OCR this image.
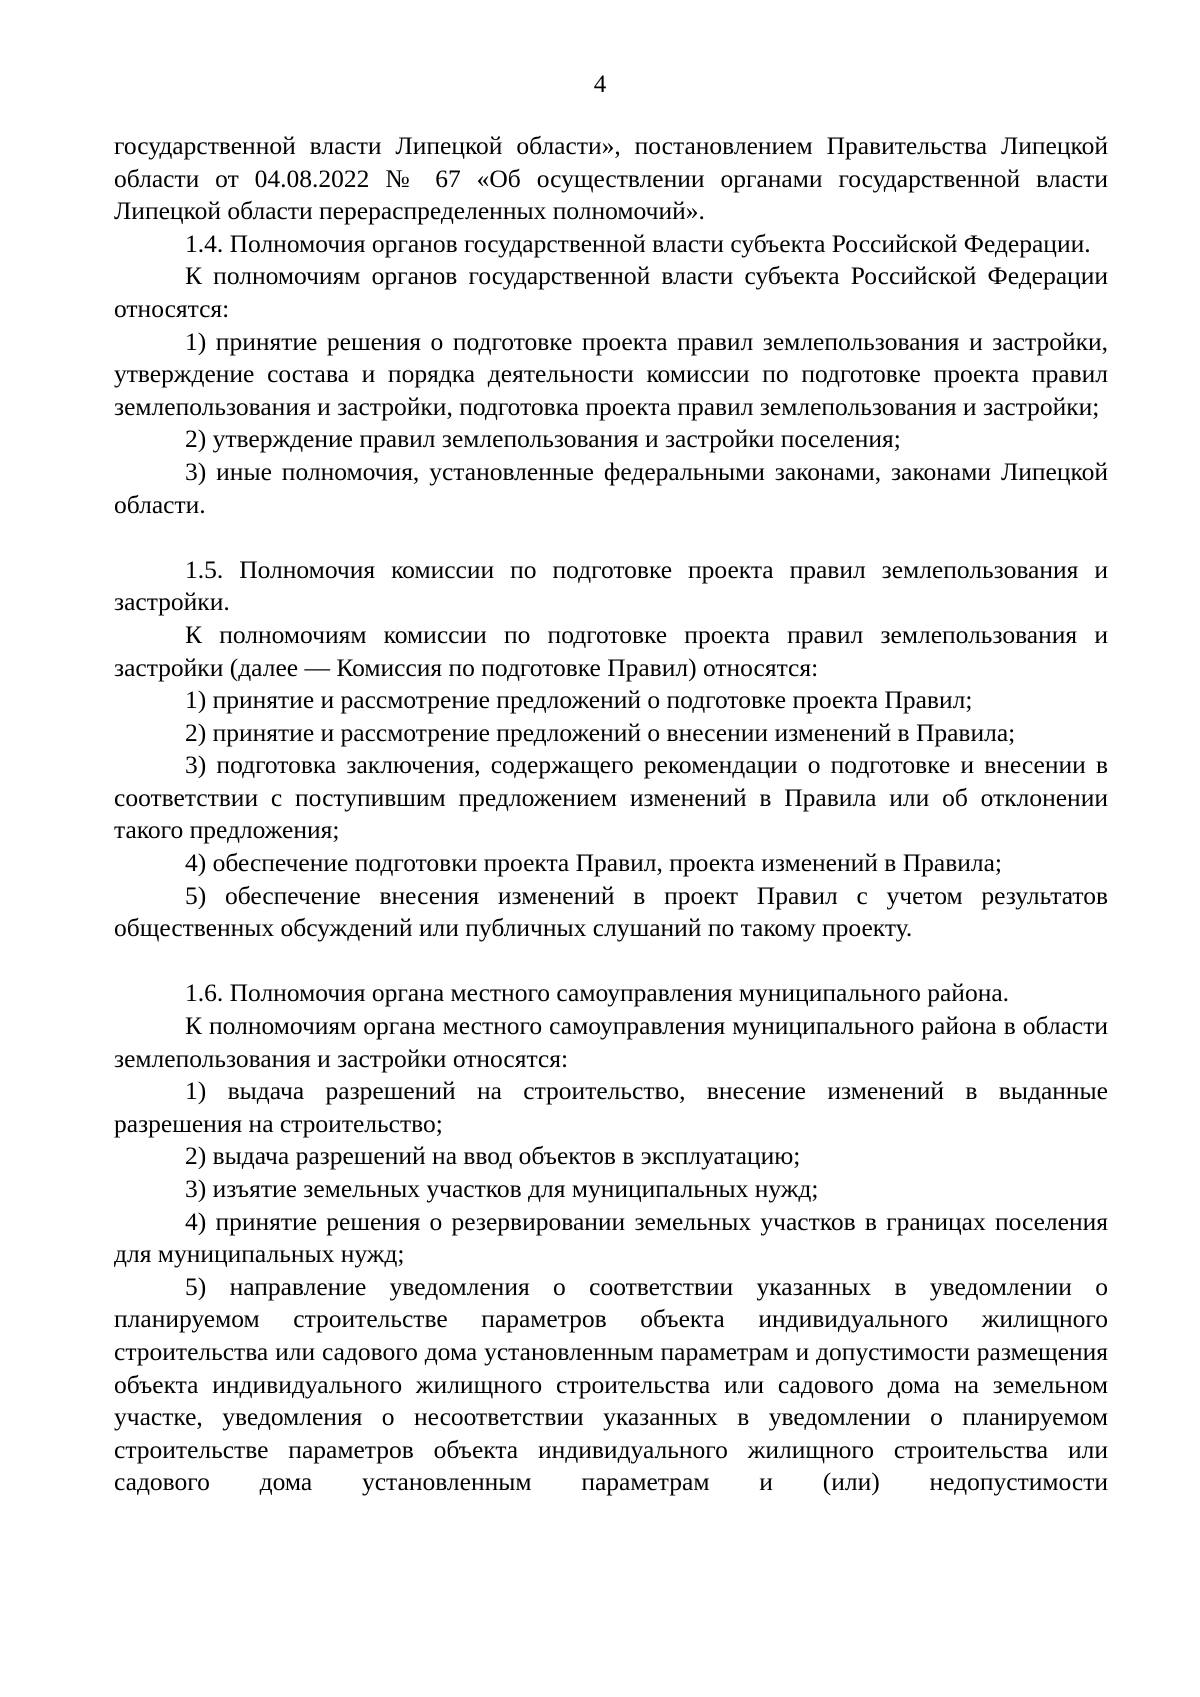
4

государственной власти Липецкой области», постановлением Правительства Липецкой области от 04.08.2022 № 67 «Об осуществлении органами государственной власти Липецкой области перераспределенных полномочий».

1.4. Полномочия органов государственной власти субъекта Российской Федерации.

К полномочиям органов государственной власти субъекта Российской Федерации относятся:

1) принятие решения о подготовке проекта правил землепользования и застройки, утверждение состава и порядка деятельности комиссии по подготовке проекта правил землепользования и застройки, подготовка проекта правил землепользования и застройки;

2) утверждение правил землепользования и застройки поселения;

3) иные полномочия, установленные федеральными законами, законами Липецкой области.

1.5. Полномочия комиссии по подготовке проекта правил землепользования и застройки.

К полномочиям комиссии по подготовке проекта правил землепользования и застройки (далее — Комиссия по подготовке Правил) относятся:

1) принятие и рассмотрение предложений о подготовке проекта Правил;

2) принятие и рассмотрение предложений о внесении изменений в Правила;

3) подготовка заключения, содержащего рекомендации о подготовке и внесении в соответствии с поступившим предложением изменений в Правила или об отклонении такого предложения;

4) обеспечение подготовки проекта Правил, проекта изменений в Правила;

5) обеспечение внесения изменений в проект Правил с учетом результатов общественных обсуждений или публичных слушаний по такому проекту.

1.6. Полномочия органа местного самоуправления муниципального района.

К полномочиям органа местного самоуправления муниципального района в области землепользования и застройки относятся:

1) выдача разрешений на строительство, внесение изменений в выданные разрешения на строительство;

2) выдача разрешений на ввод объектов в эксплуатацию;

3) изъятие земельных участков для муниципальных нужд;

4) принятие решения о резервировании земельных участков в границах поселения для муниципальных нужд;

5) направление уведомления о соответствии указанных в уведомлении о планируемом строительстве параметров объекта индивидуального жилищного строительства или садового дома установленным параметрам и допустимости размещения объекта индивидуального жилищного строительства или садового дома на земельном участке, уведомления о несоответствии указанных в уведомлении о планируемом строительстве параметров объекта индивидуального жилищного строительства или садового дома установленным параметрам и (или) недопустимости
